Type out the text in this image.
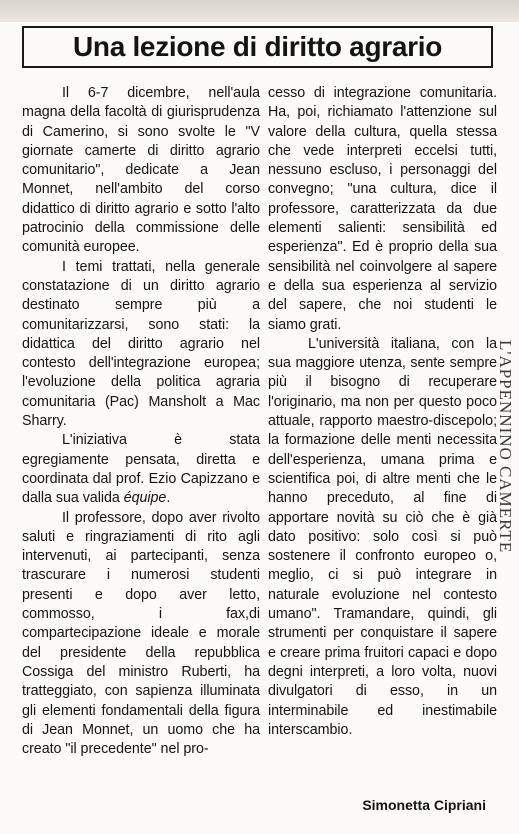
Una lezione di diritto agrario

Il 6-7 dicembre, nell'aula magna della facoltà di giurisprudenza di Camerino, si sono svolte le "V giornate camerte di diritto agrario comunitario", dedicate a Jean Monnet, nell'ambito del corso didattico di diritto agrario e sotto l'alto patrocinio della commissione delle comunità europee.

I temi trattati, nella generale constatazione di un diritto agrario destinato sempre più a comunitarizzarsi, sono stati: la didattica del diritto agrario nel contesto dell'integrazione europea; l'evoluzione della politica agraria comunitaria (Pac) Mansholt a Mac Sharry.

L'iniziativa è stata egregiamente pensata, diretta e coordinata dal prof. Ezio Capizzano e dalla sua valida équipe.

Il professore, dopo aver rivolto saluti e ringraziamenti di rito agli intervenuti, ai partecipanti, senza trascurare i numerosi studenti presenti e dopo aver letto, commosso, i fax,di compartecipazione ideale e morale del presidente della repubblica Cossiga del ministro Ruberti, ha tratteggiato, con sapienza illuminata gli elementi fondamentali della figura di Jean Monnet, un uomo che ha creato "il precedente" nel pro-

cesso di integrazione comunitaria. Ha, poi, richiamato l'attenzione sul valore della cultura, quella stessa che vede interpreti eccelsi tutti, nessuno escluso, i personaggi del convegno; "una cultura, dice il professore, caratterizzata da due elementi salienti: sensibilità ed esperienza". Ed è proprio della sua sensibilità nel coinvolgere al sapere e della sua esperienza al servizio del sapere, che noi studenti le siamo grati.

L'università italiana, con la sua maggiore utenza, sente sempre più il bisogno di recuperare l'originario, ma non per questo poco attuale, rapporto maestro-discepolo; la formazione delle menti necessita dell'esperienza, umana prima e scientifica poi, di altre menti che le hanno preceduto, al fine di apportare novità su ciò che è già dato positivo: solo così si può sostenere il confronto europeo o, meglio, ci si può integrare in naturale evoluzione nel contesto umano". Tramandare, quindi, gli strumenti per conquistare il sapere e creare prima fruitori capaci e dopo degni interpreti, a loro volta, nuovi divulgatori di esso, in un interminabile ed inestimabile interscambio.

Simonetta Cipriani
L'APPENNINO CAMERTE
